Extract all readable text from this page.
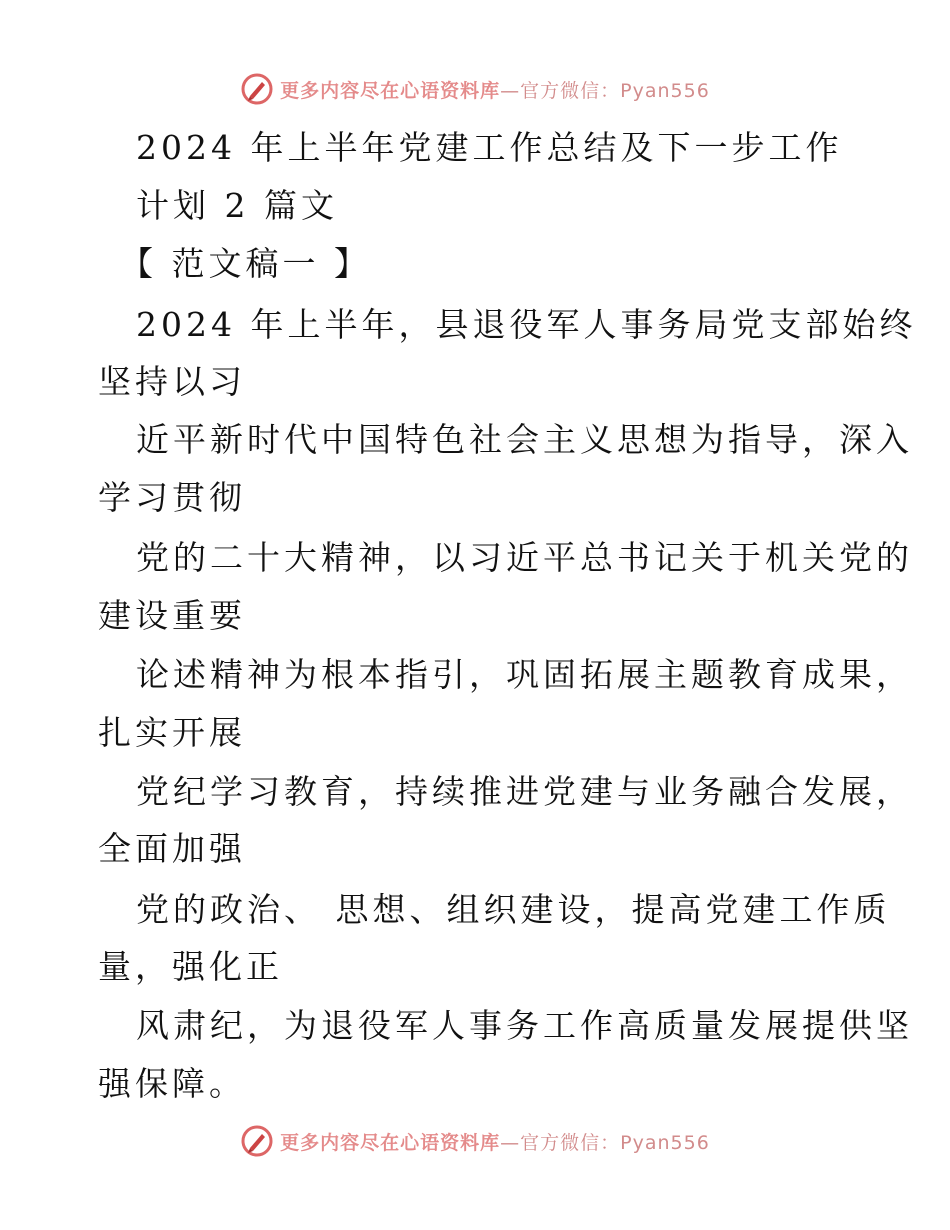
更多内容尽在心语资料库 —官方微信：Pyan556
2024 年上半年党建工作总结及下一步工作
计划 2 篇文
【 范文稿一 】
2024 年上半年，县退役军人事务局党支部始终
坚持以习
近平新时代中国特色社会主义思想为指导，深入
学习贯彻
党的二十大精神，以习近平总书记关于机关党的
建设重要
论述精神为根本指引，巩固拓展主题教育成果，
扎实开展
党纪学习教育，持续推进党建与业务融合发展，
全面加强
党的政治、 思想、组织建设，提高党建工作质
量，强化正
风肃纪，为退役军人事务工作高质量发展提供坚
强保障。
更多内容尽在心语资料库 —官方微信：Pyan556
